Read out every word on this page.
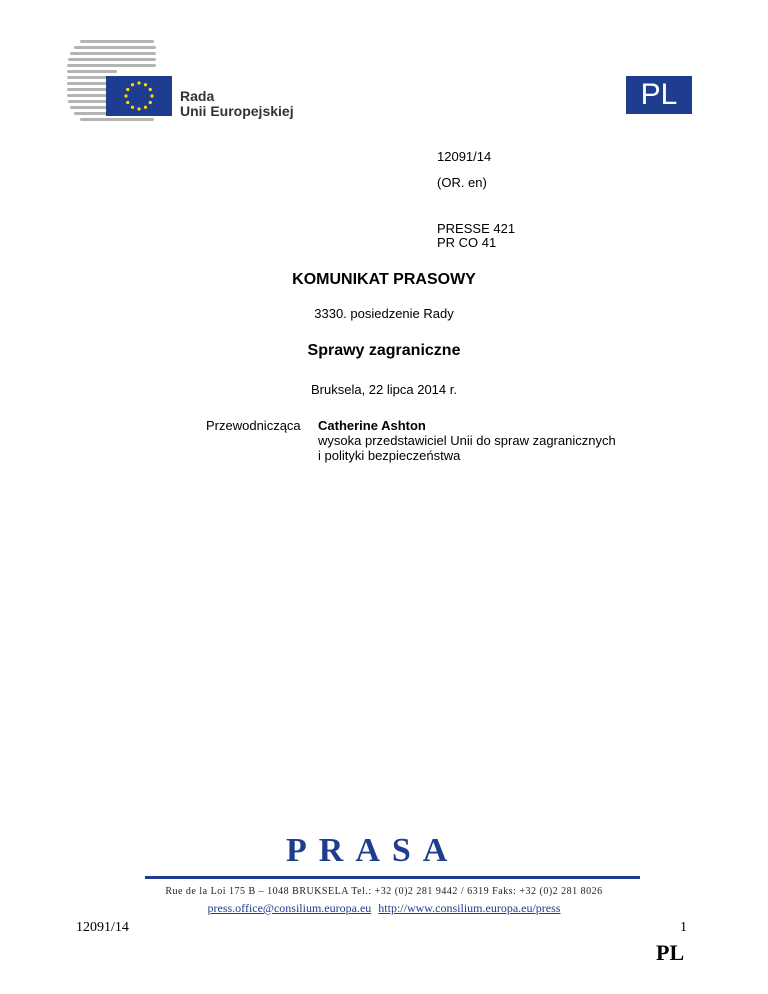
Rada
Unii Europejskiej	PL
12091/14
(OR. en)
PRESSE 421
PR CO 41
KOMUNIKAT PRASOWY
3330. posiedzenie Rady
Sprawy zagraniczne
Bruksela, 22 lipca 2014 r.
Przewodnicząca Catherine Ashton
wysoka przedstawiciel Unii do spraw zagranicznych
i polityki bezpieczeństwa
PRASA
Rue de la Loi 175 B – 1048 BRUKSELA Tel.: +32 (0)2 281 9442 / 6319 Faks: +32 (0)2 281 8026
press.office@consilium.europa.eu http://www.consilium.europa.eu/press
12091/14	1
PL
